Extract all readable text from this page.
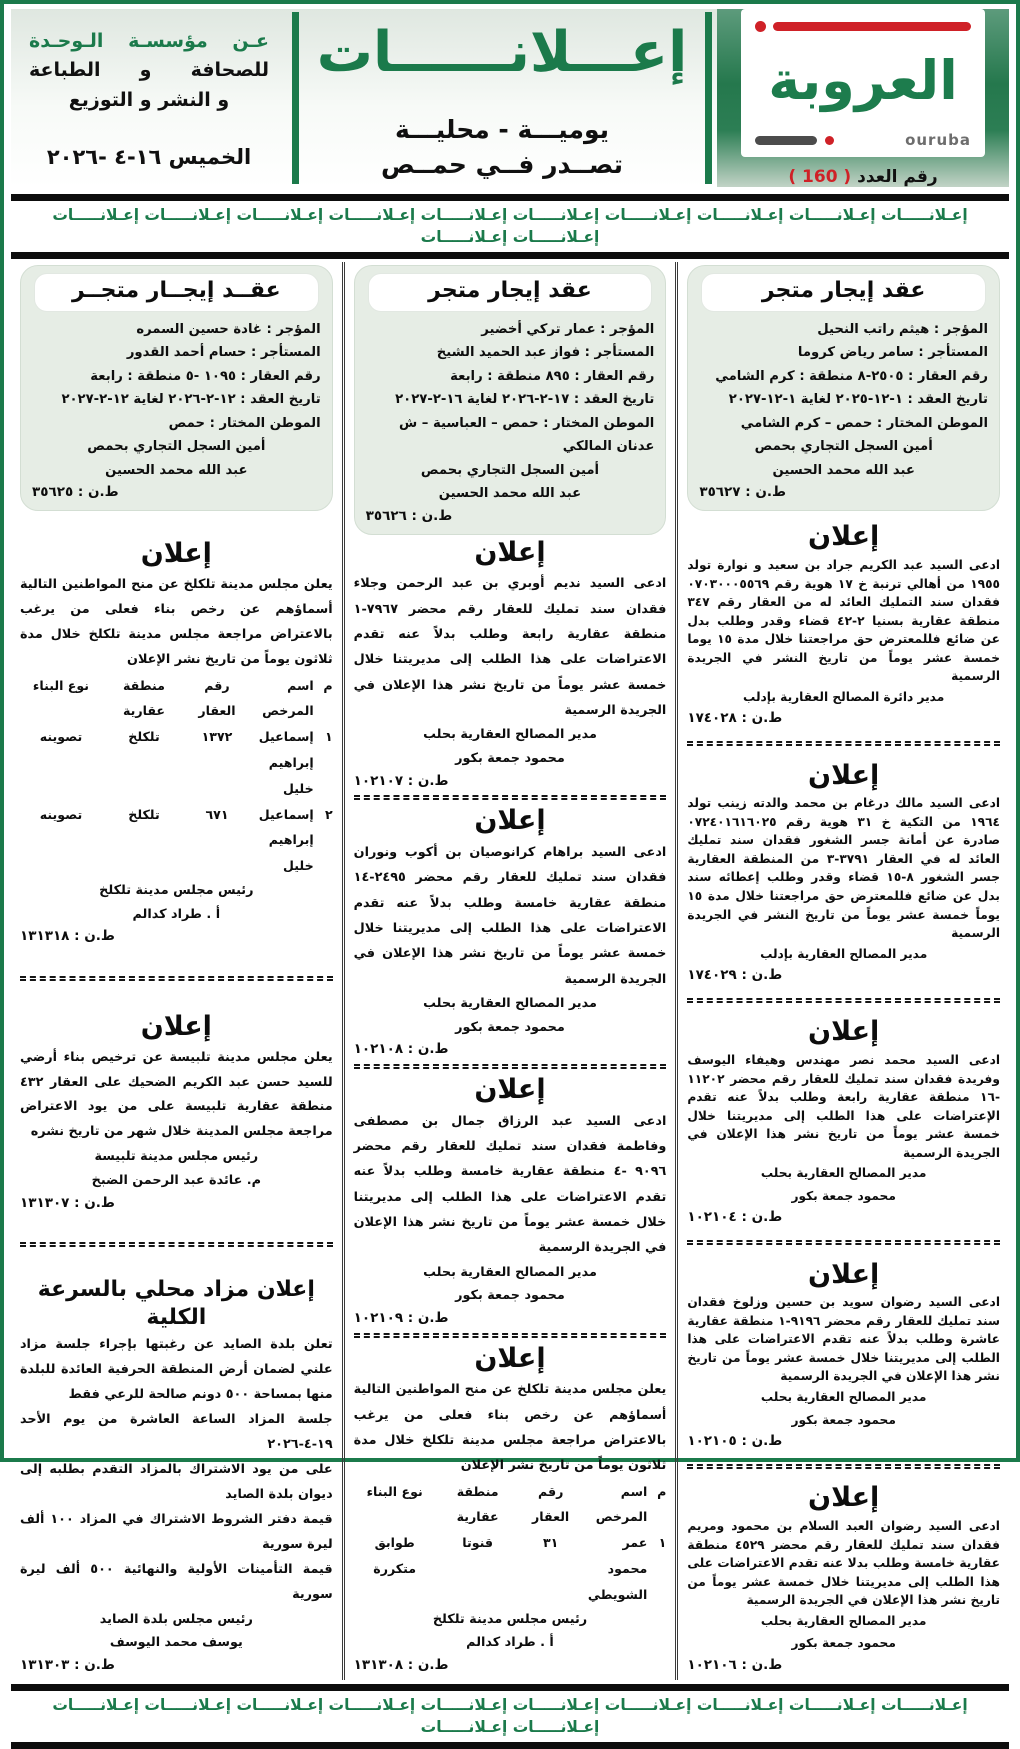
العروبة
ouruba
رقم العدد ( 160 )
إعـــلانــــــات
يوميـــة - محليـــة
تصــدر فــي حمــص
عـن مؤسسـة الـوحـدة
للصحافة و الطباعة
و النشر و التوزيع
الخميس ١٦-٤ -٢٠٢٦
إعـلانـــــات إعـلانـــــات إعـلانـــــات إعـلانـــــات إعـلانـــــات إعـلانـــــات إعـلانـــــات إعـلانـــــات إعـلانـــــات إعـلانـــــات إعـلانـــــات إعـلانـــــات
عقد إيجار متجر
المؤجر : هيثم راتب النحيل
المستأجر : سامر رياض كروما
رقم العقار : ٢٥٠٥-٨ منطقة : كرم الشامي
تاريخ العقد : ١-١٢-٢٠٢٥ لغاية ١-١٢-٢٠٢٧
الموطن المختار : حمص – كرم الشامي
أمين السجل التجاري بحمص
عبد الله محمد الحسين
ط.ن : ٣٥٦٢٧
إعلان

ادعى السيد عبد الكريم جراد بن سعيد و نوارة تولد ١٩٥٥ من أهالي ترنبة خ ١٧ هوية رقم ٠٧٠٣٠٠٠٥٥٦٩ فقدان سند التمليك العائد له من العقار رقم ٣٤٧ منطقة عقارية بسنيا ٢-٤٢ قضاء وقدر وطلب بدل عن ضائع فللمعترض حق مراجعتنا خلال مدة ١٥ يوما خمسة عشر يوماً من تاريخ النشر في الجريدة الرسمية

مدير دائرة المصالح العقارية بإدلب
ط.ن : ١٧٤٠٢٨
إعلان

ادعى السيد مالك درغام بن محمد والدته زينب تولد ١٩٦٤ من التكية خ ٣١ هوية رقم ٠٧٢٤٠١٦١٦٠٢٥ صادرة عن أمانة جسر الشغور فقدان سند تمليك العائد له في العقار ٣٧٩١-٣ من المنطقة العقارية جسر الشغور ٨-١٥ قضاء وقدر وطلب إعطائه سند بدل عن ضائع فللمعترض حق مراجعتنا خلال مدة ١٥ يوماً خمسة عشر يوماً من تاريخ النشر في الجريدة الرسمية

مدير المصالح العقارية بإدلب
ط.ن : ١٧٤٠٢٩
إعلان

ادعى السيد محمد نصر مهندس وهيفاء اليوسف وفريدة فقدان سند تمليك للعقار رقم محضر ١١٢٠٢ -١٦ منطقة عقارية رابعة وطلب بدلاً عنه تقدم الإعتراضات على هذا الطلب إلى مديريتنا خلال خمسة عشر يوماً من تاريخ نشر هذا الإعلان في الجريدة الرسمية

مدير المصالح العقارية بحلب
محمود جمعة بكور
ط.ن : ١٠٢١٠٤
إعلان

ادعى السيد رضوان سويد بن حسين وزلوخ فقدان سند تمليك للعقار رقم محضر ٩١٩٦-١ منطقة عقارية عاشرة وطلب بدلاً عنه تقدم الاعتراضات على هذا الطلب إلى مديريتنا خلال خمسة عشر يوماً من تاريخ نشر هذا الإعلان في الجريدة الرسمية

مدير المصالح العقارية بحلب
محمود جمعة بكور
ط.ن : ١٠٢١٠٥
إعلان

ادعى السيد رضوان العبد السلام بن محمود ومريم فقدان سند تمليك للعقار رقم محضر ٤٥٢٩ منطقة عقارية خامسة وطلب بدلا عنه تقدم الاعتراضات على هذا الطلب إلى مديريتنا خلال خمسة عشر يوماً من تاريخ نشر هذا الإعلان في الجريدة الرسمية

مدير المصالح العقارية بحلب
محمود جمعة بكور
ط.ن : ١٠٢١٠٦
عقد إيجار متجر
المؤجر : عمار تركي أخضير
المستأجر : فواز عبد الحميد الشيخ
رقم العقار : ٨٩٥ منطقة : رابعة
تاريخ العقد : ١٧-٢-٢٠٢٦ لغاية ١٦-٢-٢٠٢٧
الموطن المختار : حمص – العباسية – ش عدنان المالكي
أمين السجل التجاري بحمص
عبد الله محمد الحسين
ط.ن : ٣٥٦٢٦
إعلان

ادعى السيد نديم أوبري بن عبد الرحمن وجلاء فقدان سند تمليك للعقار رقم محضر ٧٩٦٧-١ منطقة عقارية رابعة وطلب بدلاً عنه تقدم الاعتراضات على هذا الطلب إلى مديريتنا خلال خمسة عشر يوماً من تاريخ نشر هذا الإعلان في الجريدة الرسمية

مدير المصالح العقارية بحلب
محمود جمعة بكور
ط.ن : ١٠٢١٠٧
إعلان

ادعى السيد براهام كرانوصيان بن أكوب ونوران فقدان سند تمليك للعقار رقم محضر ٢٤٩٥-١٤ منطقة عقارية خامسة وطلب بدلاً عنه تقدم الاعتراضات على هذا الطلب إلى مديريتنا خلال خمسة عشر يوماً من تاريخ نشر هذا الإعلان في الجريدة الرسمية

مدير المصالح العقارية بحلب
محمود جمعة بكور
ط.ن : ١٠٢١٠٨
إعلان

ادعى السيد عبد الرزاق جمال بن مصطفى وفاطمة فقدان سند تمليك للعقار رقم محضر ٩٠٩٦ -٤ منطقة عقارية خامسة وطلب بدلاً عنه تقدم الاعتراضات على هذا الطلب إلى مديريتنا خلال خمسة عشر يوماً من تاريخ نشر هذا الإعلان في الجريدة الرسمية

مدير المصالح العقارية بحلب
محمود جمعة بكور
ط.ن : ١٠٢١٠٩
إعلان

يعلن مجلس مدينة تلكلخ عن منح المواطنين التالية أسماؤهم عن رخص بناء فعلى من يرغب بالاعتراض مراجعة مجلس مدينة تلكلخ خلال مدة ثلاثون يوماً من تاريخ نشر الإعلان

م
اسم المرخص
رقم العقار
منطقة عقارية
نوع البناء
١
عمر محمود الشويطي
٣١
قنوتا
طوابق متكررة
رئيس مجلس مدينة تلكلخ
أ . طراد كدالم
ط.ن : ١٣١٣٠٨
عقــد إيجــار متجــر
المؤجر : غادة حسين السمره
المستأجر : حسام أحمد القدور
رقم العقار : ١٠٩٥ -٥ منطقة : رابعة
تاريخ العقد : ١٢-٢-٢٠٢٦ لغاية ١٢-٢-٢٠٢٧
الموطن المختار : حمص
أمين السجل التجاري بحمص
عبد الله محمد الحسين
ط.ن : ٣٥٦٢٥
إعلان

يعلن مجلس مدينة تلكلخ عن منح المواطنين التالية أسماؤهم عن رخص بناء فعلى من يرغب بالاعتراض مراجعة مجلس مدينة تلكلخ خلال مدة ثلاثون يوماً من تاريخ نشر الإعلان

م
اسم المرخص
رقم العقار
منطقة عقارية
نوع البناء
١
إسماعيل إبراهيم خليل
١٣٧٢
تلكلخ
تصوينه
٢
إسماعيل إبراهيم خليل
٦٧١
تلكلخ
تصوينه
رئيس مجلس مدينة تلكلخ
أ . طراد كدالم
ط.ن : ١٣١٣١٨
إعلان

يعلن مجلس مدينة تلبيسة عن ترخيص بناء أرضي للسيد حسن عبد الكريم الضحيك على العقار ٤٣٢ منطقة عقارية تلبيسة على من يود الاعتراض مراجعة مجلس المدينة خلال شهر من تاريخ نشره

رئيس مجلس مدينة تلبيسة
م. عائدة عبد الرحمن الضبخ
ط.ن : ١٣١٣٠٧
إعلان مزاد محلي بالسرعة الكلية

تعلن بلدة الصايد عن رغبتها بإجراء جلسة مزاد علني لضمان أرض المنطقة الحرفية العائدة للبلدة منها بمساحة ٥٠٠ دونم صالحة للرعي فقط

جلسة المزاد الساعة العاشرة من يوم الأحد ١٩-٤-٢٠٢٦

على من يود الاشتراك بالمزاد التقدم بطلبه إلى ديوان بلدة الصايد

قيمة دفتر الشروط الاشتراك في المزاد ١٠٠ ألف ليرة سورية

قيمة التأمينات الأولية والنهائية ٥٠٠ ألف ليرة سورية

رئيس مجلس بلدة الصايد
يوسف محمد اليوسف
ط.ن : ١٣١٣٠٣
إعـلانـــــات إعـلانـــــات إعـلانـــــات إعـلانـــــات إعـلانـــــات إعـلانـــــات إعـلانـــــات إعـلانـــــات إعـلانـــــات إعـلانـــــات إعـلانـــــات إعـلانـــــات
